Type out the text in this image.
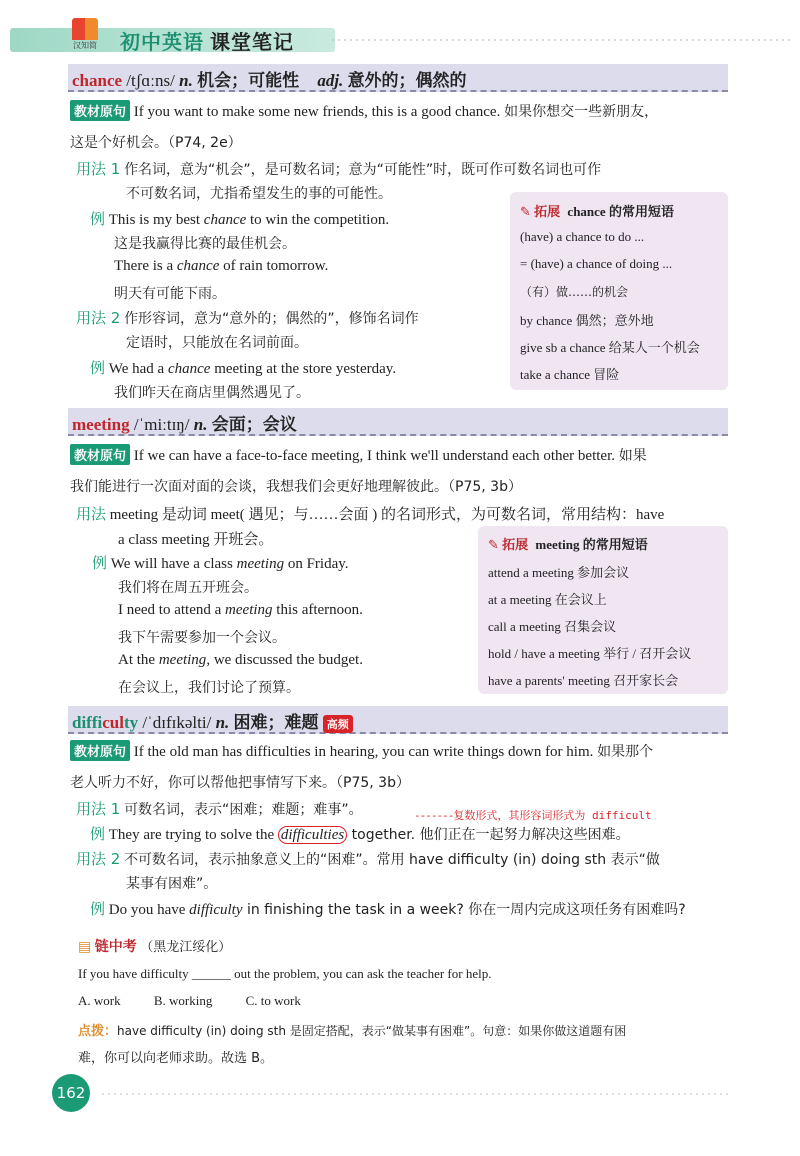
汉知简	初中英语 课堂笔记
chance /tʃɑːns/ n. 机会；可能性 adj. 意外的；偶然的
教材原句 If you want to make some new friends, this is a good chance. 如果你想交一些新朋友，
这是个好机会。（P74, 2e）
用法 1 作名词，意为“机会”，是可数名词；意为“可能性”时，既可作可数名词也可作
不可数名词，尤指希望发生的事的可能性。
例 This is my best chance to win the competition.
这是我赢得比赛的最佳机会。
There is a chance of rain tomorrow.
明天有可能下雨。
用法 2 作形容词，意为“意外的；偶然的”，修饰名词作
定语时，只能放在名词前面。
例 We had a chance meeting at the store yesterday.
我们昨天在商店里偶然遇见了。
✎ 拓展 chance 的常用短语
(have) a chance to do ...
= (have) a chance of doing ...
（有）做……的机会
by chance 偶然；意外地
give sb a chance 给某人一个机会
take a chance 冒险
meeting /ˈmiːtɪŋ/ n. 会面；会议
教材原句 If we can have a face-to-face meeting, I think we'll understand each other better. 如果
我们能进行一次面对面的会谈，我想我们会更好地理解彼此。（P75, 3b）
用法 meeting 是动词 meet( 遇见；与……会面 ) 的名词形式，为可数名词，常用结构：have
a class meeting 开班会。
例 We will have a class meeting on Friday.
我们将在周五开班会。
I need to attend a meeting this afternoon.
我下午需要参加一个会议。
At the meeting, we discussed the budget.
在会议上，我们讨论了预算。
✎ 拓展 meeting 的常用短语
attend a meeting 参加会议
at a meeting 在会议上
call a meeting 召集会议
hold / have a meeting 举行 / 召开会议
have a parents' meeting 召开家长会
difficulty /ˈdɪfɪkəlti/ n. 困难；难题 高频
教材原句 If the old man has difficulties in hearing, you can write things down for him. 如果那个
老人听力不好，你可以帮他把事情写下来。（P75, 3b）
用法 1 可数名词，表示“困难；难题；难事”。	-------复数形式，其形容词形式为 difficult
例 They are trying to solve the difficulties together. 他们正在一起努力解决这些困难。
用法 2 不可数名词，表示抽象意义上的“困难”。常用 have difficulty (in) doing sth 表示“做
某事有困难”。
例 Do you have difficulty in finishing the task in a week? 你在一周内完成这项任务有困难吗?
▤ 链中考 （黑龙江绥化）
If you have difficulty ______ out the problem, you can ask the teacher for help.
A. work	B. working	C. to work
点拨：have difficulty (in) doing sth 是固定搭配，表示“做某事有困难”。句意：如果你做这道题有困
难，你可以向老师求助。故选 B。
162
